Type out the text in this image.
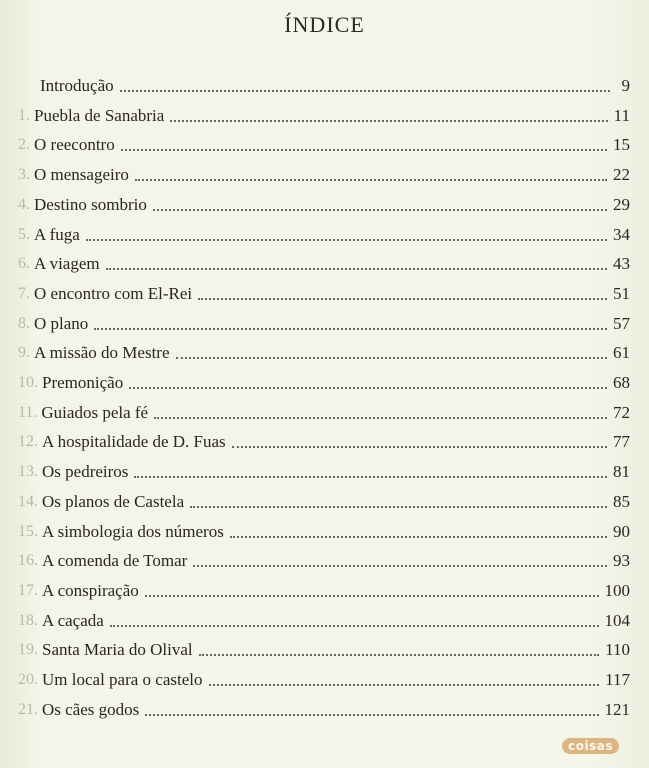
ÍNDICE
Introdução	9
1. Puebla de Sanabria	11
2. O reecontro	15
3. O mensageiro	22
4. Destino sombrio	29
5. A fuga	34
6. A viagem	43
7. O encontro com El-Rei	51
8. O plano	57
9. A missão do Mestre	61
10. Premonição	68
11. Guiados pela fé	72
12. A hospitalidade de D. Fuas	77
13. Os pedreiros	81
14. Os planos de Castela	85
15. A simbologia dos números	90
16. A comenda de Tomar	93
17. A conspiração	100
18. A caçada	104
19. Santa Maria do Olival	110
20. Um local para o castelo	117
21. Os cães godos	121
coisas
